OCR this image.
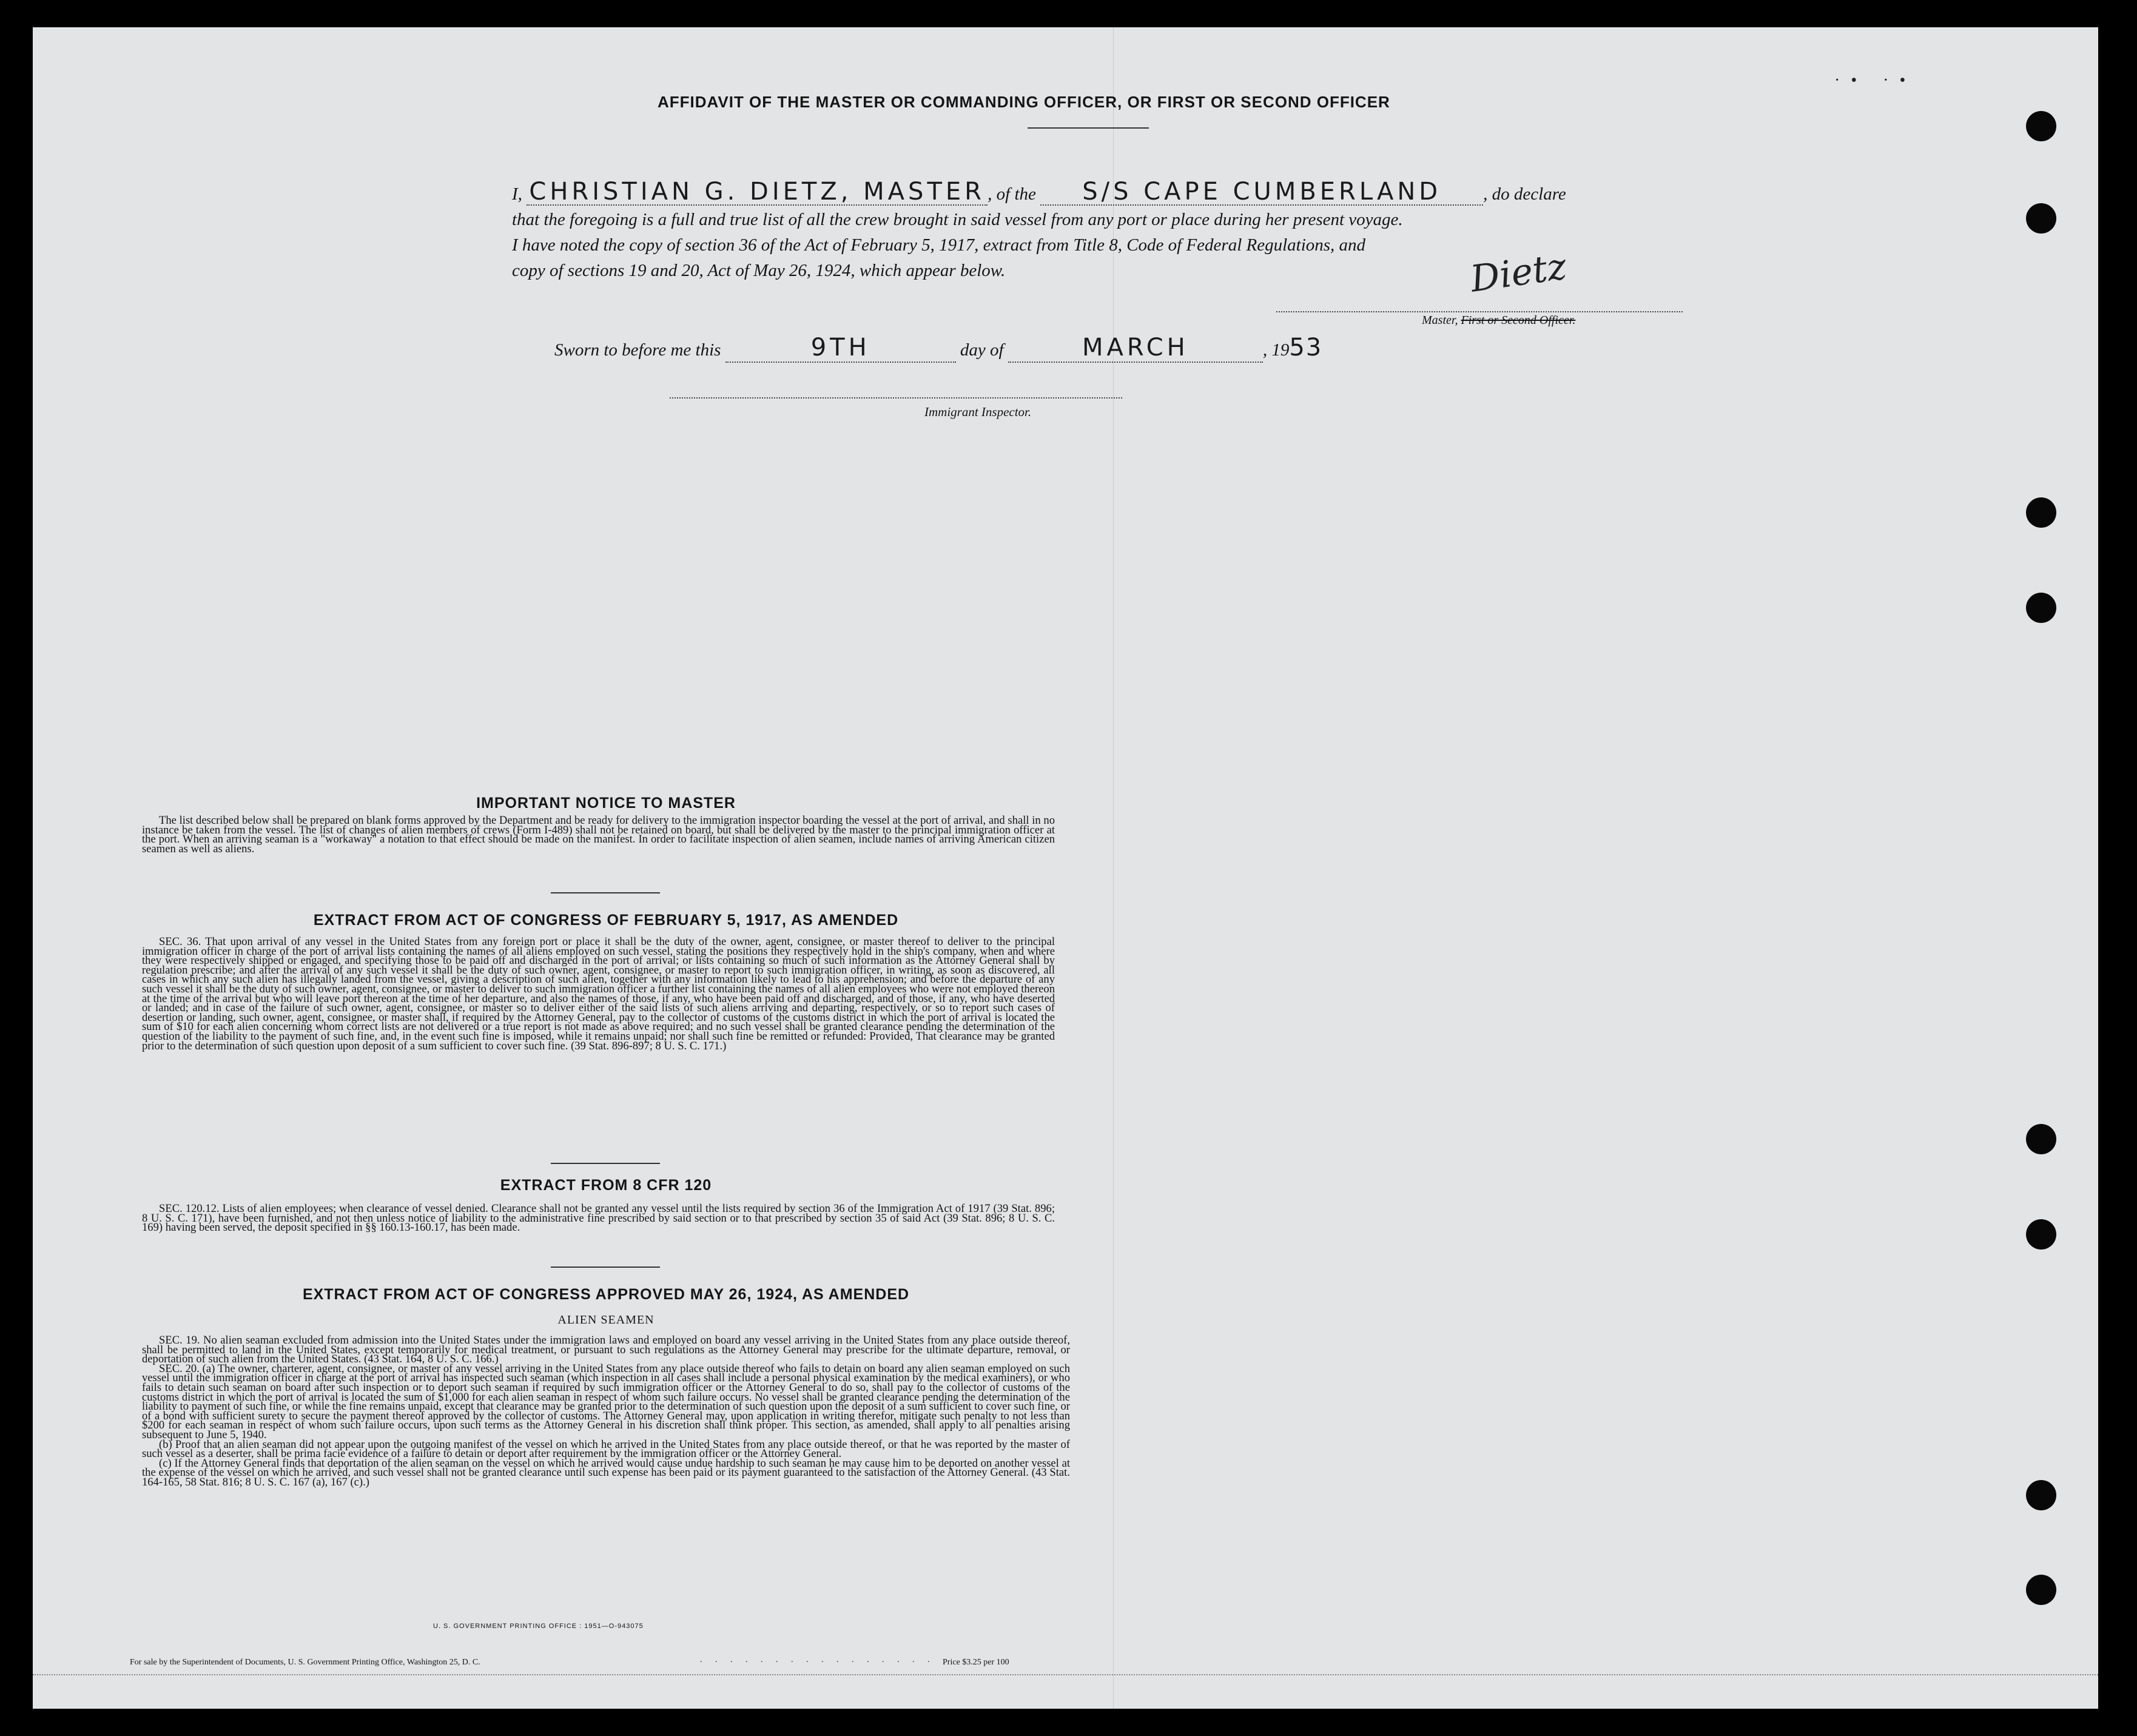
·• ·•
AFFIDAVIT OF THE MASTER OR COMMANDING OFFICER, OR FIRST OR SECOND OFFICER
I, CHRISTIAN G. DIETZ, MASTER , of the S/S CAPE CUMBERLAND , do declare
that the foregoing is a full and true list of all the crew brought in said vessel from any port or place during her present voyage.
I have noted the copy of section 36 of the Act of February 5, 1917, extract from Title 8, Code of Federal Regulations, and
copy of sections 19 and 20, Act of May 26, 1924, which appear below.	Dietz
Master, First or Second Officer.
Sworn to before me this	9TH	day of	MARCH	, 1953
Immigrant Inspector.
IMPORTANT NOTICE TO MASTER

The list described below shall be prepared on blank forms approved by the Department and be ready for delivery to the immigration inspector boarding the vessel at the port of arrival, and shall in no instance be taken from the vessel. The list of changes of alien members of crews (Form I-489) shall not be retained on board, but shall be delivered by the master to the principal immigration officer at the port. When an arriving seaman is a "workaway" a notation to that effect should be made on the manifest. In order to facilitate inspection of alien seamen, include names of arriving American citizen seamen as well as aliens.

EXTRACT FROM ACT OF CONGRESS OF FEBRUARY 5, 1917, AS AMENDED

SEC. 36. That upon arrival of any vessel in the United States from any foreign port or place it shall be the duty of the owner, agent, consignee, or master thereof to deliver to the principal immigration officer in charge of the port of arrival lists containing the names of all aliens employed on such vessel, stating the positions they respectively hold in the ship's company, when and where they were respectively shipped or engaged, and specifying those to be paid off and discharged in the port of arrival; or lists containing so much of such information as the Attorney General shall by regulation prescribe; and after the arrival of any such vessel it shall be the duty of such owner, agent, consignee, or master to report to such immigration officer, in writing, as soon as discovered, all cases in which any such alien has illegally landed from the vessel, giving a description of such alien, together with any information likely to lead to his apprehension; and before the departure of any such vessel it shall be the duty of such owner, agent, consignee, or master to deliver to such immigration officer a further list containing the names of all alien employees who were not employed thereon at the time of the arrival but who will leave port thereon at the time of her departure, and also the names of those, if any, who have been paid off and discharged, and of those, if any, who have deserted or landed; and in case of the failure of such owner, agent, consignee, or master so to deliver either of the said lists of such aliens arriving and departing, respectively, or so to report such cases of desertion or landing, such owner, agent, consignee, or master shall, if required by the Attorney General, pay to the collector of customs of the customs district in which the port of arrival is located the sum of $10 for each alien concerning whom correct lists are not delivered or a true report is not made as above required; and no such vessel shall be granted clearance pending the determination of the question of the liability to the payment of such fine, and, in the event such fine is imposed, while it remains unpaid; nor shall such fine be remitted or refunded: Provided, That clearance may be granted prior to the determination of such question upon deposit of a sum sufficient to cover such fine. (39 Stat. 896-897; 8 U. S. C. 171.)

EXTRACT FROM 8 CFR 120

SEC. 120.12. Lists of alien employees; when clearance of vessel denied. Clearance shall not be granted any vessel until the lists required by section 36 of the Immigration Act of 1917 (39 Stat. 896; 8 U. S. C. 171), have been furnished, and not then unless notice of liability to the administrative fine prescribed by said section or to that prescribed by section 35 of said Act (39 Stat. 896; 8 U. S. C. 169) having been served, the deposit specified in §§ 160.13-160.17, has been made.

EXTRACT FROM ACT OF CONGRESS APPROVED MAY 26, 1924, AS AMENDED
ALIEN SEAMEN

SEC. 19. No alien seaman excluded from admission into the United States under the immigration laws and employed on board any vessel arriving in the United States from any place outside thereof, shall be permitted to land in the United States, except temporarily for medical treatment, or pursuant to such regulations as the Attorney General may prescribe for the ultimate departure, removal, or deportation of such alien from the United States. (43 Stat. 164, 8 U. S. C. 166.)

SEC. 20. (a) The owner, charterer, agent, consignee, or master of any vessel arriving in the United States from any place outside thereof who fails to detain on board any alien seaman employed on such vessel until the immigration officer in charge at the port of arrival has inspected such seaman (which inspection in all cases shall include a personal physical examination by the medical examiners), or who fails to detain such seaman on board after such inspection or to deport such seaman if required by such immigration officer or the Attorney General to do so, shall pay to the collector of customs of the customs district in which the port of arrival is located the sum of $1,000 for each alien seaman in respect of whom such failure occurs. No vessel shall be granted clearance pending the determination of the liability to payment of such fine, or while the fine remains unpaid, except that clearance may be granted prior to the determination of such question upon the deposit of a sum sufficient to cover such fine, or of a bond with sufficient surety to secure the payment thereof approved by the collector of customs. The Attorney General may, upon application in writing therefor, mitigate such penalty to not less than $200 for each seaman in respect of whom such failure occurs, upon such terms as the Attorney General in his discretion shall think proper. This section, as amended, shall apply to all penalties arising subsequent to June 5, 1940.

(b) Proof that an alien seaman did not appear upon the outgoing manifest of the vessel on which he arrived in the United States from any place outside thereof, or that he was reported by the master of such vessel as a deserter, shall be prima facie evidence of a failure to detain or deport after requirement by the immigration officer or the Attorney General.

(c) If the Attorney General finds that deportation of the alien seaman on the vessel on which he arrived would cause undue hardship to such seaman he may cause him to be deported on another vessel at the expense of the vessel on which he arrived, and such vessel shall not be granted clearance until such expense has been paid or its payment guaranteed to the satisfaction of the Attorney General. (43 Stat. 164-165, 58 Stat. 816; 8 U. S. C. 167 (a), 167 (c).)

U. S. GOVERNMENT PRINTING OFFICE : 1951—O-943075
For sale by the Superintendent of Documents, U. S. Government Printing Office, Washington 25, D. C.	. . . . . . . . . . . . . . . . Price $3.25 per 100
